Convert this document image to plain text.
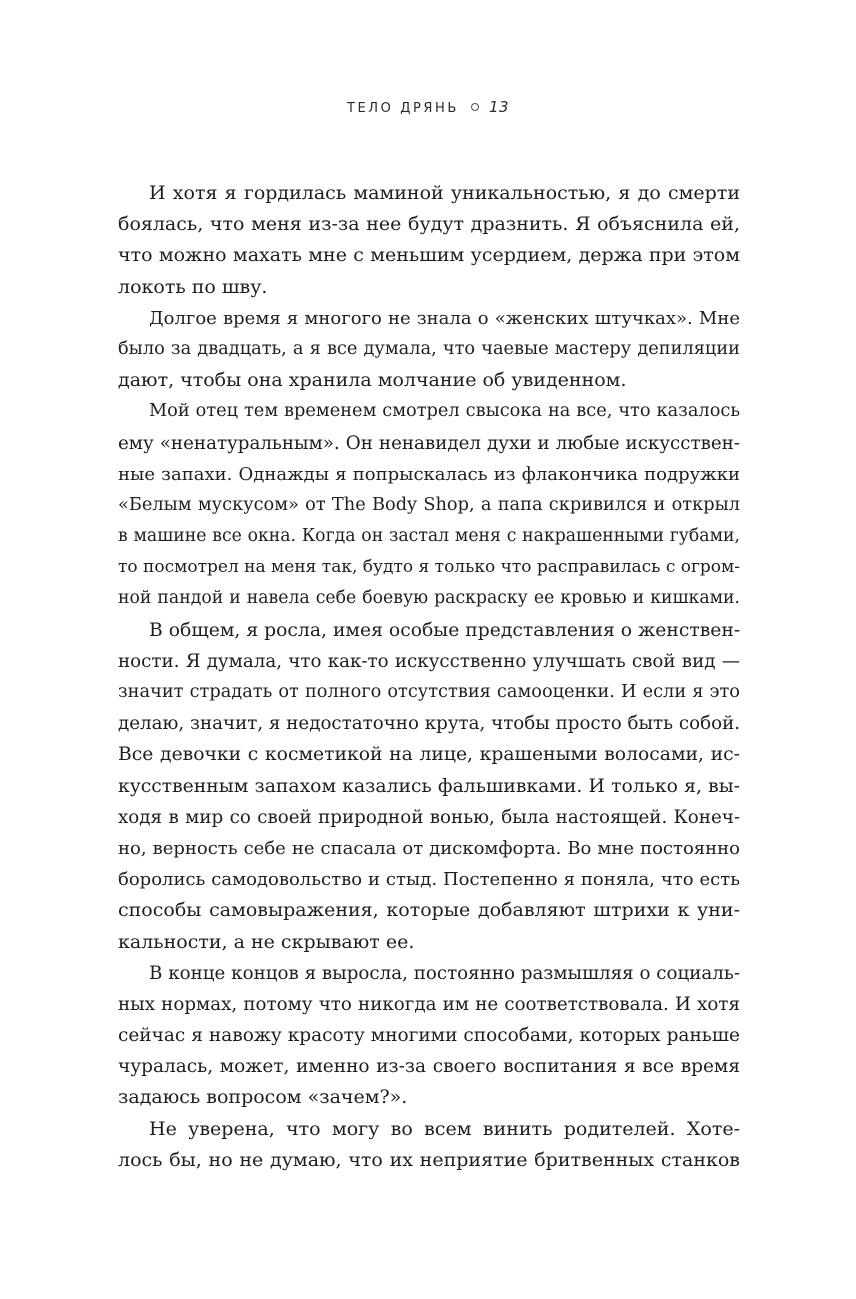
ТЕЛО ДРЯНЬ 13
И хотя я гордилась маминой уникальностью, я до смерти
боялась, что меня из-за нее будут дразнить. Я объяснила ей,
что можно махать мне с меньшим усердием, держа при этом
локоть по шву.
Долгое время я многого не знала о «женских штучках». Мне
было за двадцать, а я все думала, что чаевые мастеру депиляции
дают, чтобы она хранила молчание об увиденном.
Мой отец тем временем смотрел свысока на все, что казалось
ему «ненатуральным». Он ненавидел духи и любые искусствен-
ные запахи. Однажды я попрыскалась из флакончика подружки
«Белым мускусом» от The Body Shop, а папа скривился и открыл
в машине все окна. Когда он застал меня с накрашенными губами,
то посмотрел на меня так, будто я только что расправилась с огром-
ной пандой и навела себе боевую раскраску ее кровью и кишками.
В общем, я росла, имея особые представления о женствен-
ности. Я думала, что как-то искусственно улучшать свой вид —
значит страдать от полного отсутствия самооценки. И если я это
делаю, значит, я недостаточно крута, чтобы просто быть собой.
Все девочки с косметикой на лице, крашеными волосами, ис-
кусственным запахом казались фальшивками. И только я, вы-
ходя в мир со своей природной вонью, была настоящей. Конеч-
но, верность себе не спасала от дискомфорта. Во мне постоянно
боролись самодовольство и стыд. Постепенно я поняла, что есть
способы самовыражения, которые добавляют штрихи к уни-
кальности, а не скрывают ее.
В конце концов я выросла, постоянно размышляя о социаль-
ных нормах, потому что никогда им не соответствовала. И хотя
сейчас я навожу красоту многими способами, которых раньше
чуралась, может, именно из-за своего воспитания я все время
задаюсь вопросом «зачем?».
Не уверена, что могу во всем винить родителей. Хоте-
лось бы, но не думаю, что их неприятие бритвенных станков
